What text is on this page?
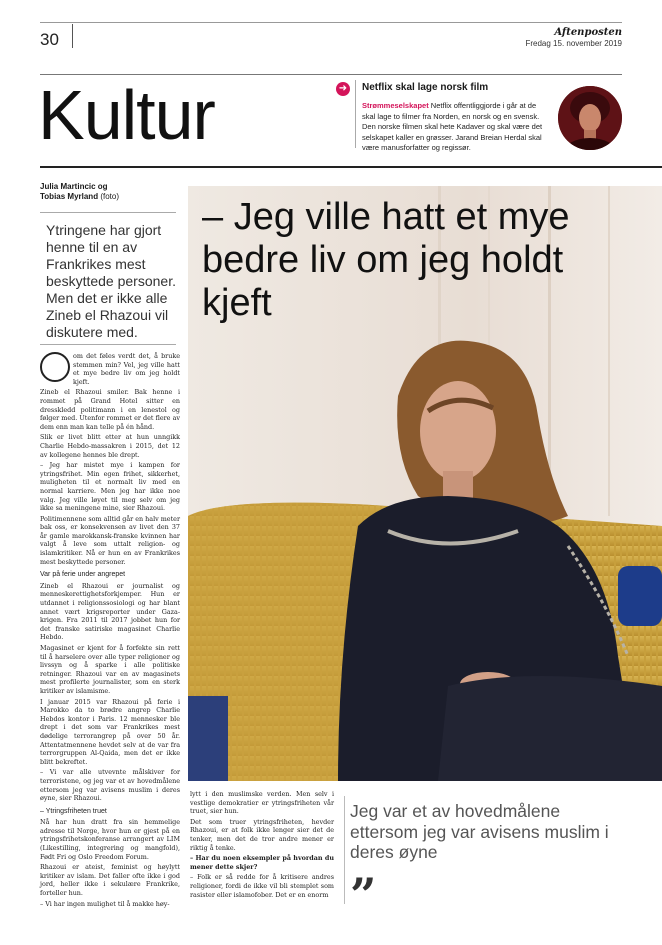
30	Aftenposten
Fredag 15. november 2019
Kultur	➜ Netflix skal lage norsk film
Strømmeselskapet Netflix offentliggjorde i går at de skal lage to filmer fra Norden, en norsk og en svensk. Den norske filmen skal hete Kadaver og skal være det selskapet kaller en grøsser. Jarand Breian Herdal skal være manusforfatter og regissør.
Julia Martincic og
Tobias Myrland (foto)
Ytringene har gjort henne til en av Frankrikes mest beskyttede personer. Men det er ikke alle Zineb el Rhazoui vil diskutere med.
– Jeg ville hatt et mye bedre liv om jeg holdt kjeft

om det føles verdt det, å bruke stemmen min? Vel, jeg ville hatt et mye bedre liv om jeg holdt kjeft.

Zineb el Rhazoui smiler. Bak henne i rommet på Grand Hotel sitter en dresskledd politimann i en lenestol og følger med. Utenfor rommet er det flere av dem enn man kan telle på én hånd.

Slik er livet blitt etter at hun unngikk Charlie Hebdo-massakren i 2015, det 12 av kollegene hennes ble drept.

– Jeg har mistet mye i kampen for ytringsfrihet. Min egen frihet, sikkerhet, muligheten til et normalt liv med en normal karriere. Men jeg har ikke noe valg. Jeg ville løyet til meg selv om jeg ikke sa meningene mine, sier Rhazoui.

Politimennene som alltid går en halv meter bak oss, er konsekvensen av livet den 37 år gamle marokkansk-franske kvinnen har valgt å leve som uttalt religion- og islamkritiker. Nå er hun en av Frankrikes mest beskyttede personer.

Var på ferie under angrepet

Zineb el Rhazoui er journalist og menneskerettighetsforkjemper. Hun er utdannet i religionssosiologi og har blant annet vært krigsreporter under Gaza-krigen. Fra 2011 til 2017 jobbet hun for det franske satiriske magasinet Charlie Hebdo.

Magasinet er kjent for å forfekte sin rett til å harselere over alle typer religioner og livssyn og å sparke i alle politiske retninger. Rhazoui var en av magasinets mest profilerte journalister, som en sterk kritiker av islamisme.

I januar 2015 var Rhazoui på ferie i Marokko da to brødre angrep Charlie Hebdos kontor i Paris. 12 mennesker ble drept i det som var Frankrikes mest dødelige terrorangrep på over 50 år. Attentatmennene hevdet selv at de var fra terrorgruppen Al-Qaida, men det er ikke blitt bekreftet.

– Vi var alle utvevnte målskiver for terroristene, og jeg var et av hovedmålene ettersom jeg var avisens muslim i deres øyne, sier Rhazoui.

– Ytringsfriheten truet

Nå har hun dratt fra sin hemmelige adresse til Norge, hvor hun er gjest på en ytringsfrihetskonferanse arrangert av LIM (Likestilling, integrering og mangfold), Født Fri og Oslo Freedom Forum.

Rhazoui er ateist, feminist og høylytt kritiker av islam. Det faller ofte ikke i god jord, heller ikke i sekulære Frankrike, forteller hun.

– Vi har ingen mulighet til å makke høy-

lytt i den muslimske verden. Men selv i vestlige demokratier er ytringsfriheten vår truet, sier hun.

Det som truer ytringsfriheten, hevder Rhazoui, er at folk ikke lenger sier det de tenker, men det de tror andre mener er riktig å tenke.

– Har du noen eksempler på hvordan du mener dette skjer?

– Folk er så redde for å kritisere andres religioner, fordi de ikke vil bli stemplet som rasister eller islamofober. Det er en enorm

Jeg var et av hovedmålene ettersom jeg var avisens muslim i deres øyne
”
